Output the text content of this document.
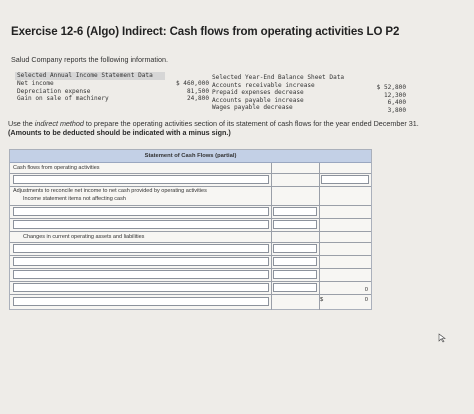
Exercise 12-6 (Algo) Indirect: Cash flows from operating activities LO P2
Salud Company reports the following information.
Selected Annual Income Statement Data
Net income
Depreciation expense
Gain on sale of machinery
$ 460,000
81,500
24,800
Selected Year-End Balance Sheet Data
Accounts receivable increase
Prepaid expenses decrease
Accounts payable increase
Wages payable decrease
$ 52,800
12,300
6,400
3,800
Use the indirect method to prepare the operating activities section of its statement of cash flows for the year ended December 31.
(Amounts to be deducted should be indicated with a minus sign.)
Statement of Cash Flows (partial)
Cash flows from operating activities
Adjustments to reconcile net income to net cash provided by operating activities
Income statement items not affecting cash
Changes in current operating assets and liabilities
$
0
0
